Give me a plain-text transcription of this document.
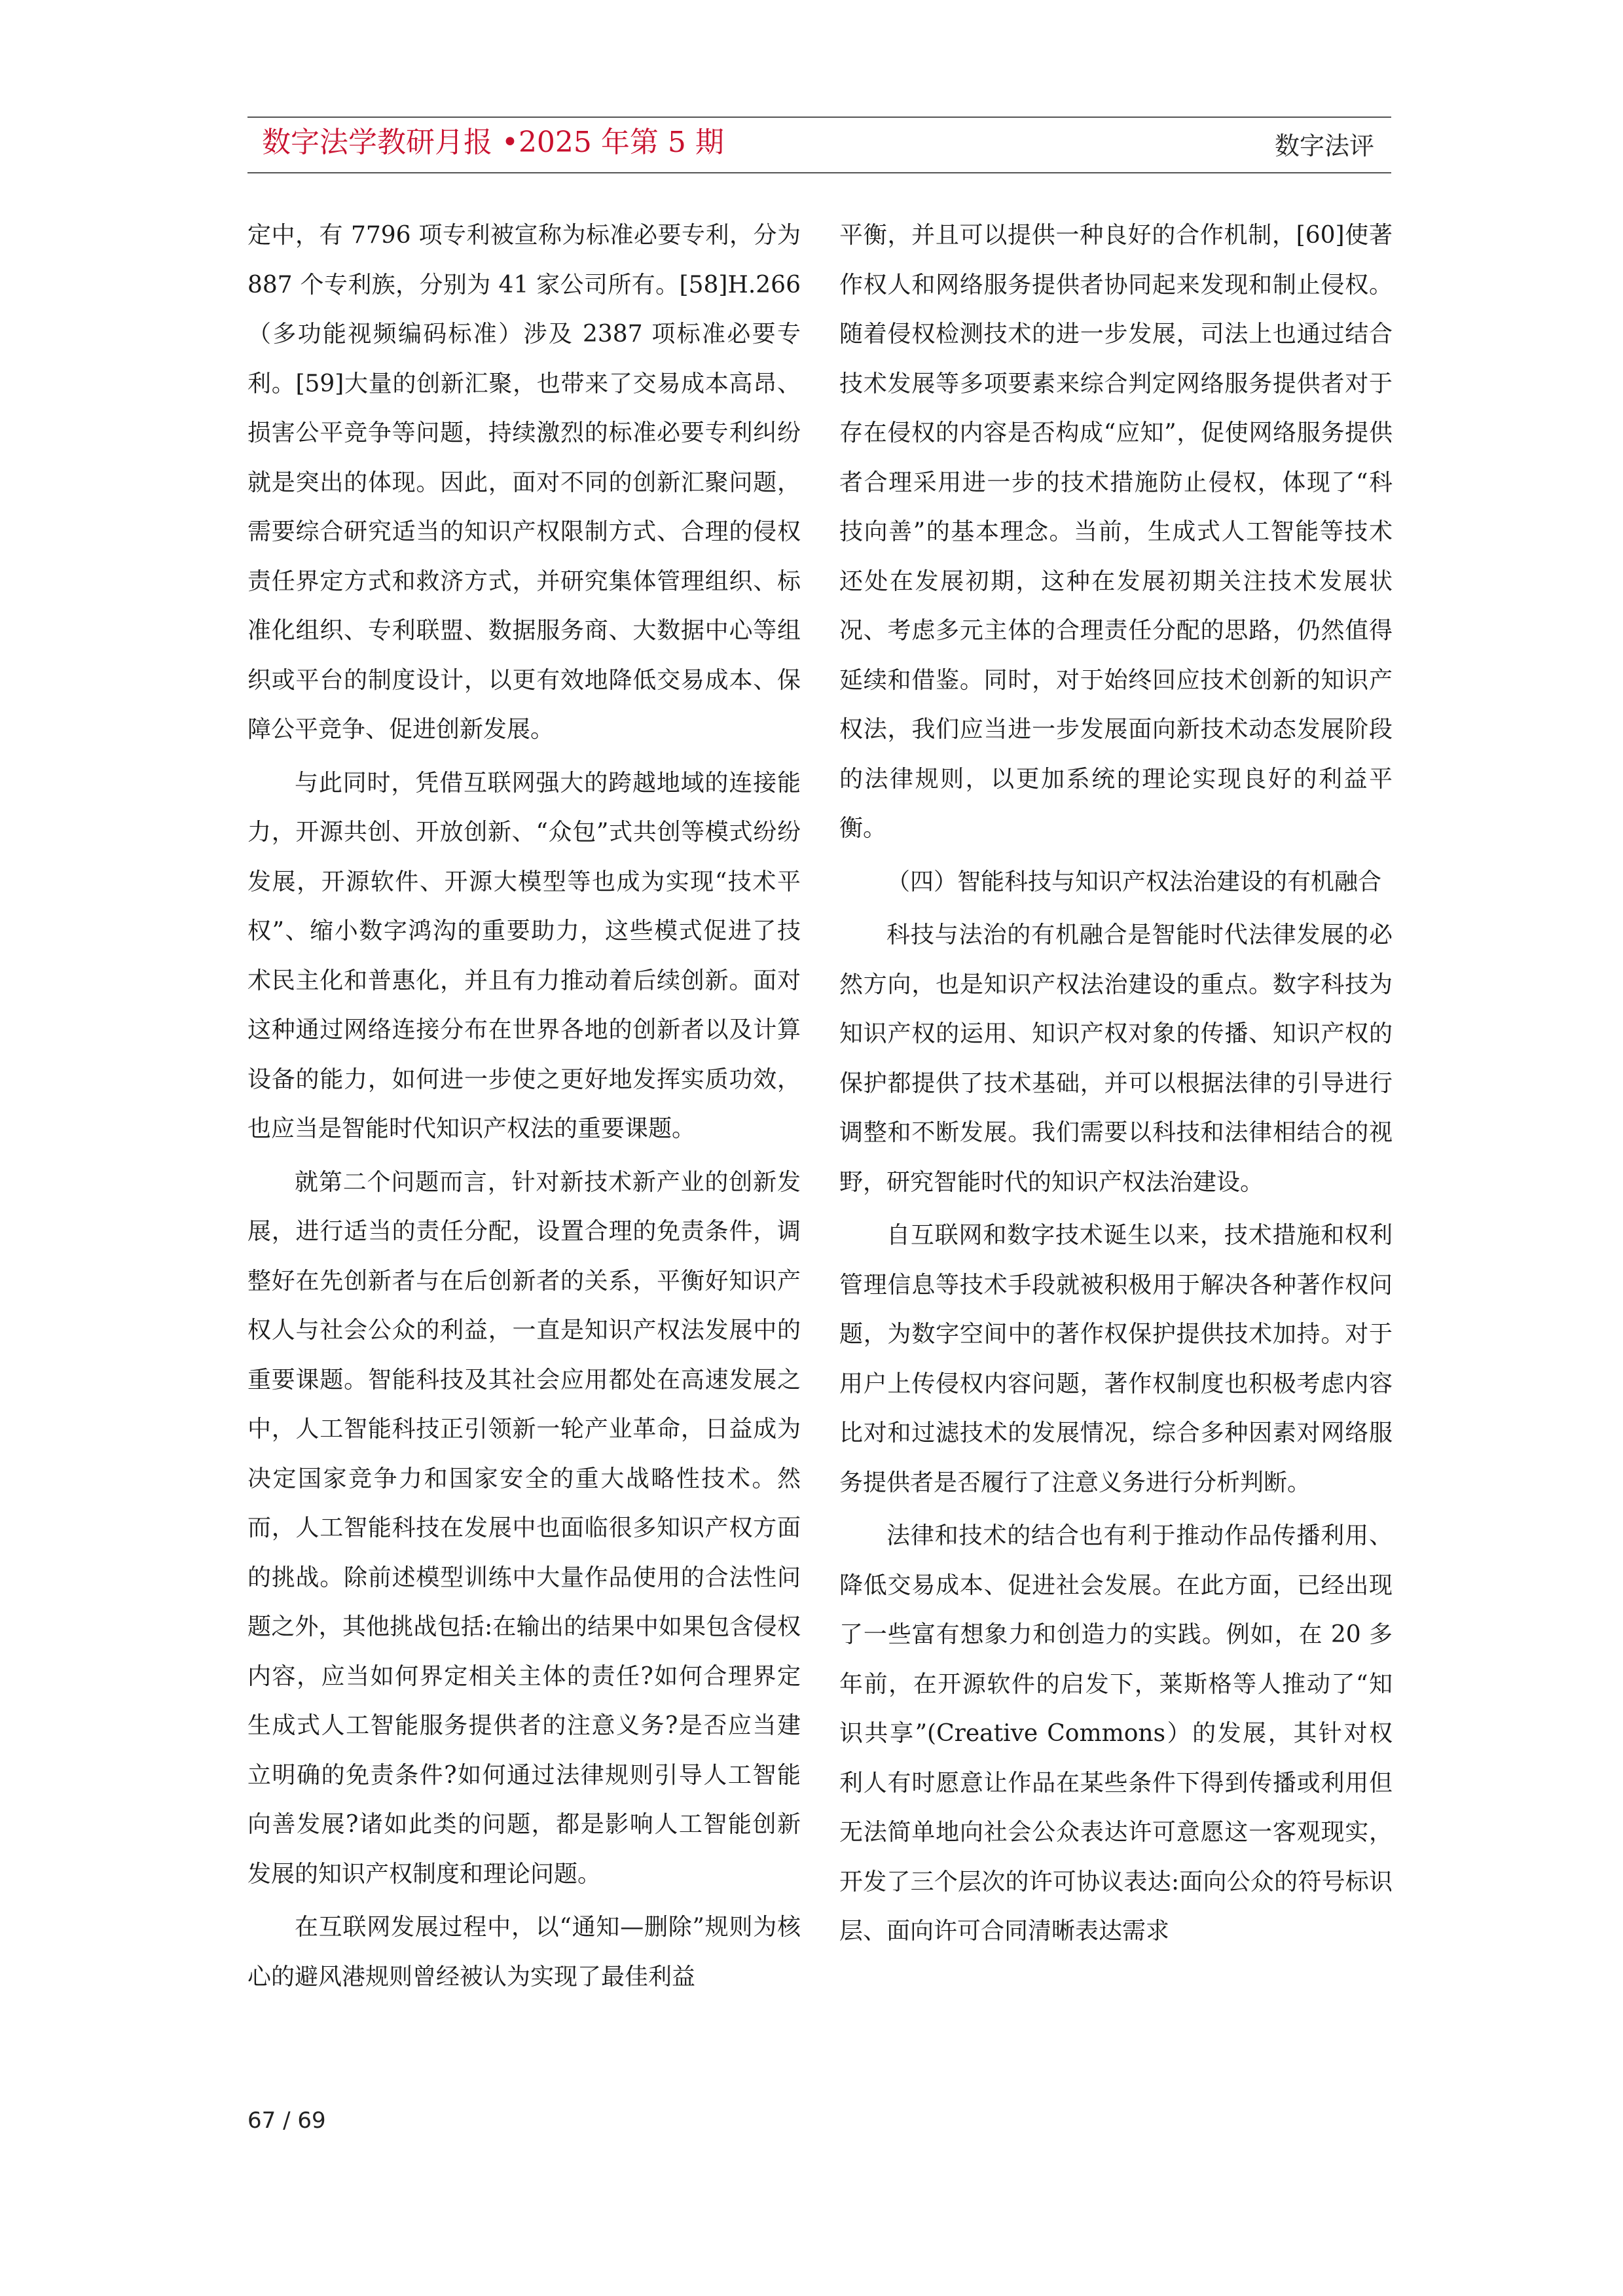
数字法学教研月报 •2025 年第 5 期	数字法评

定中，有 7796 项专利被宣称为标准必要专利，分为 887 个专利族，分别为 41 家公司所有。[58]H.266（多功能视频编码标准）涉及 2387 项标准必要专利。[59]大量的创新汇聚，也带来了交易成本高昂、损害公平竞争等问题，持续激烈的标准必要专利纠纷就是突出的体现。因此，面对不同的创新汇聚问题，需要综合研究适当的知识产权限制方式、合理的侵权责任界定方式和救济方式，并研究集体管理组织、标准化组织、专利联盟、数据服务商、大数据中心等组织或平台的制度设计，以更有效地降低交易成本、保障公平竞争、促进创新发展。

与此同时，凭借互联网强大的跨越地域的连接能力，开源共创、开放创新、“众包”式共创等模式纷纷发展，开源软件、开源大模型等也成为实现“技术平权”、缩小数字鸿沟的重要助力，这些模式促进了技术民主化和普惠化，并且有力推动着后续创新。面对这种通过网络连接分布在世界各地的创新者以及计算设备的能力，如何进一步使之更好地发挥实质功效，也应当是智能时代知识产权法的重要课题。

就第二个问题而言，针对新技术新产业的创新发展，进行适当的责任分配，设置合理的免责条件，调整好在先创新者与在后创新者的关系，平衡好知识产权人与社会公众的利益，一直是知识产权法发展中的重要课题。智能科技及其社会应用都处在高速发展之中，人工智能科技正引领新一轮产业革命，日益成为决定国家竞争力和国家安全的重大战略性技术。然而，人工智能科技在发展中也面临很多知识产权方面的挑战。除前述模型训练中大量作品使用的合法性问题之外，其他挑战包括:在输出的结果中如果包含侵权内容，应当如何界定相关主体的责任?如何合理界定生成式人工智能服务提供者的注意义务?是否应当建立明确的免责条件?如何通过法律规则引导人工智能向善发展?诸如此类的问题，都是影响人工智能创新发展的知识产权制度和理论问题。

在互联网发展过程中，以“通知—删除”规则为核心的避风港规则曾经被认为实现了最佳利益

平衡，并且可以提供一种良好的合作机制，[60]使著作权人和网络服务提供者协同起来发现和制止侵权。随着侵权检测技术的进一步发展，司法上也通过结合技术发展等多项要素来综合判定网络服务提供者对于存在侵权的内容是否构成“应知”，促使网络服务提供者合理采用进一步的技术措施防止侵权，体现了“科技向善”的基本理念。当前，生成式人工智能等技术还处在发展初期，这种在发展初期关注技术发展状况、考虑多元主体的合理责任分配的思路，仍然值得延续和借鉴。同时，对于始终回应技术创新的知识产权法，我们应当进一步发展面向新技术动态发展阶段的法律规则，以更加系统的理论实现良好的利益平衡。

（四）智能科技与知识产权法治建设的有机融合

科技与法治的有机融合是智能时代法律发展的必然方向，也是知识产权法治建设的重点。数字科技为知识产权的运用、知识产权对象的传播、知识产权的保护都提供了技术基础，并可以根据法律的引导进行调整和不断发展。我们需要以科技和法律相结合的视野，研究智能时代的知识产权法治建设。

自互联网和数字技术诞生以来，技术措施和权利管理信息等技术手段就被积极用于解决各种著作权问题，为数字空间中的著作权保护提供技术加持。对于用户上传侵权内容问题，著作权制度也积极考虑内容比对和过滤技术的发展情况，综合多种因素对网络服务提供者是否履行了注意义务进行分析判断。

法律和技术的结合也有利于推动作品传播利用、降低交易成本、促进社会发展。在此方面，已经出现了一些富有想象力和创造力的实践。例如，在 20 多年前，在开源软件的启发下，莱斯格等人推动了“知识共享”(Creative Commons）的发展，其针对权利人有时愿意让作品在某些条件下得到传播或利用但无法简单地向社会公众表达许可意愿这一客观现实，开发了三个层次的许可协议表达:面向公众的符号标识层、面向许可合同清晰表达需求

67 / 69
